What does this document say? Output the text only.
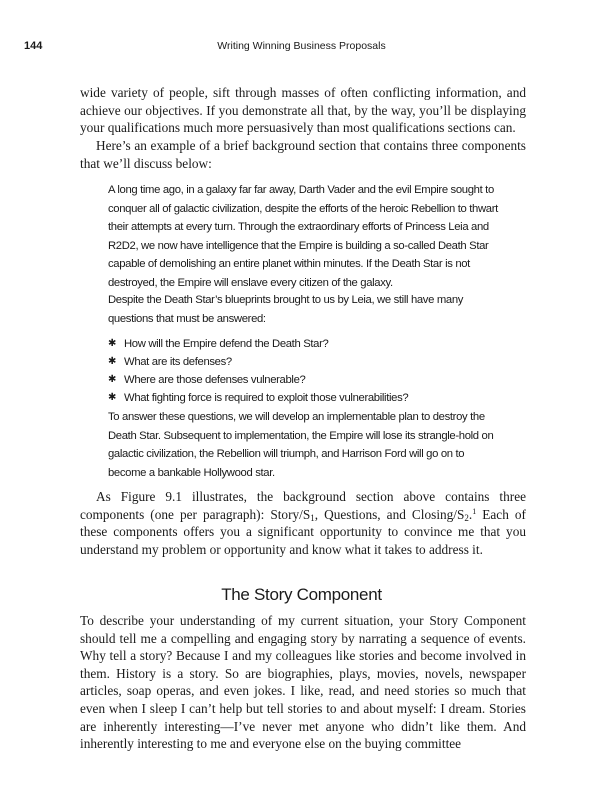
144	Writing Winning Business Proposals

wide variety of people, sift through masses of often conflicting information, and achieve our objectives. If you demonstrate all that, by the way, you’ll be displaying your qualifications much more persuasively than most qualifications sections can.

Here’s an example of a brief background section that contains three components that we’ll discuss below:

A long time ago, in a galaxy far far away, Darth Vader and the evil Empire sought to conquer all of galactic civilization, despite the efforts of the heroic Rebellion to thwart their attempts at every turn. Through the extraordinary efforts of Princess Leia and R2D2, we now have intelligence that the Empire is building a so-called Death Star capable of demolishing an entire planet within minutes. If the Death Star is not destroyed, the Empire will enslave every citizen of the galaxy.

Despite the Death Star’s blueprints brought to us by Leia, we still have many questions that must be answered:

✱ How will the Empire defend the Death Star?
✱ What are its defenses?
✱ Where are those defenses vulnerable?
✱ What fighting force is required to exploit those vulnerabilities?

To answer these questions, we will develop an implementable plan to destroy the Death Star. Subsequent to implementation, the Empire will lose its strangle-hold on galactic civilization, the Rebellion will triumph, and Harrison Ford will go on to become a bankable Hollywood star.

As Figure 9.1 illustrates, the background section above contains three components (one per paragraph): Story/$S_1$, Questions, and Closing/$S_2.^1$ Each of these components offers you a significant opportunity to convince me that you understand my problem or opportunity and know what it takes to address it.

The Story Component

To describe your understanding of my current situation, your Story Component should tell me a compelling and engaging story by narrating a sequence of events. Why tell a story? Because I and my colleagues like stories and become involved in them. History is a story. So are biographies, plays, movies, novels, newspaper articles, soap operas, and even jokes. I like, read, and need stories so much that even when I sleep I can’t help but tell stories to and about myself: I dream. Stories are inherently interesting—I’ve never met anyone who didn’t like them. And inherently interesting to me and everyone else on the buying committee
